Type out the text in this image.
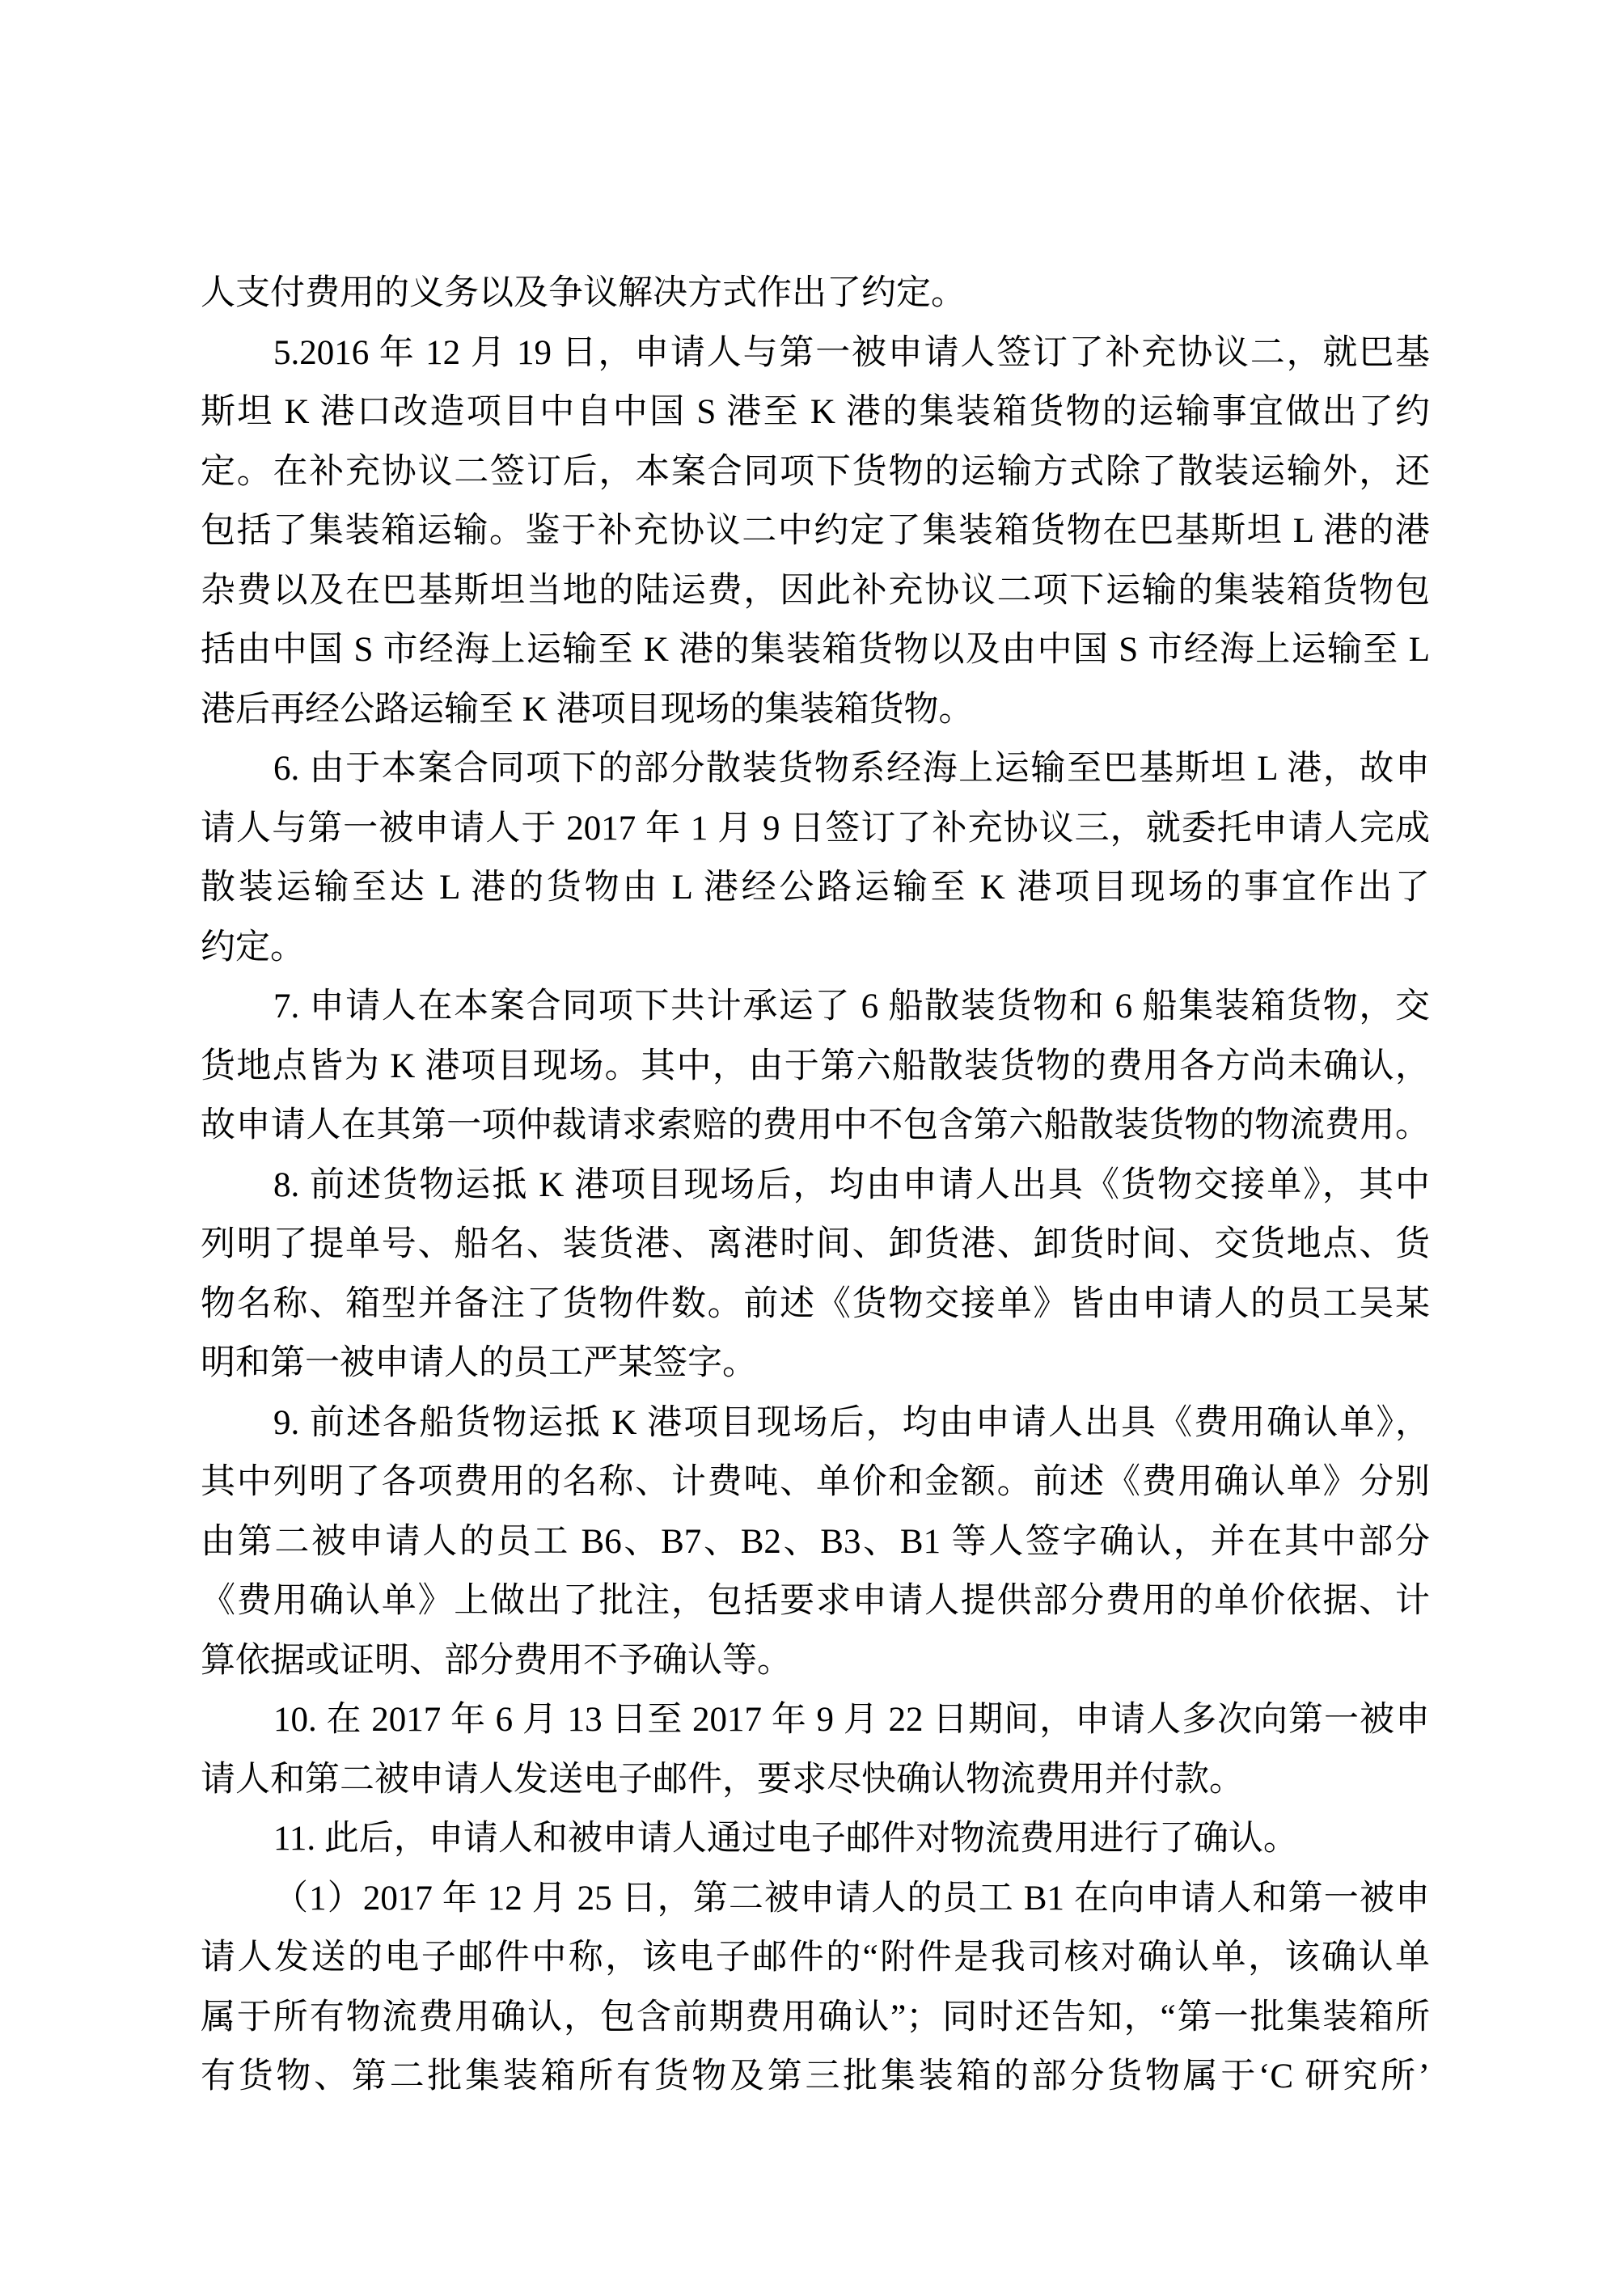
人支付费用的义务以及争议解决方式作出了约定。
5.2016 年 12 月 19 日，申请人与第一被申请人签订了补充协议二，就巴基
斯坦 K 港口改造项目中自中国 S 港至 K 港的集装箱货物的运输事宜做出了约
定。在补充协议二签订后，本案合同项下货物的运输方式除了散装运输外，还
包括了集装箱运输。鉴于补充协议二中约定了集装箱货物在巴基斯坦 L 港的港
杂费以及在巴基斯坦当地的陆运费，因此补充协议二项下运输的集装箱货物包
括由中国 S 市经海上运输至 K 港的集装箱货物以及由中国 S 市经海上运输至 L
港后再经公路运输至 K 港项目现场的集装箱货物。
6. 由于本案合同项下的部分散装货物系经海上运输至巴基斯坦 L 港，故申
请人与第一被申请人于 2017 年 1 月 9 日签订了补充协议三，就委托申请人完成
散装运输至达 L 港的货物由 L 港经公路运输至 K 港项目现场的事宜作出了
约定。
7. 申请人在本案合同项下共计承运了 6 船散装货物和 6 船集装箱货物，交
货地点皆为 K 港项目现场。其中，由于第六船散装货物的费用各方尚未确认，
故申请人在其第一项仲裁请求索赔的费用中不包含第六船散装货物的物流费用。
8. 前述货物运抵 K 港项目现场后，均由申请人出具《货物交接单》，其中
列明了提单号、船名、装货港、离港时间、卸货港、卸货时间、交货地点、货
物名称、箱型并备注了货物件数。前述《货物交接单》皆由申请人的员工吴某
明和第一被申请人的员工严某签字。
9. 前述各船货物运抵 K 港项目现场后，均由申请人出具《费用确认单》，
其中列明了各项费用的名称、计费吨、单价和金额。前述《费用确认单》分别
由第二被申请人的员工 B6、B7、B2、B3、B1 等人签字确认，并在其中部分
《费用确认单》上做出了批注，包括要求申请人提供部分费用的单价依据、计
算依据或证明、部分费用不予确认等。
10. 在 2017 年 6 月 13 日至 2017 年 9 月 22 日期间，申请人多次向第一被申
请人和第二被申请人发送电子邮件，要求尽快确认物流费用并付款。
11. 此后，申请人和被申请人通过电子邮件对物流费用进行了确认。
（1）2017 年 12 月 25 日，第二被申请人的员工 B1 在向申请人和第一被申
请人发送的电子邮件中称，该电子邮件的“附件是我司核对确认单，该确认单
属于所有物流费用确认，包含前期费用确认”；同时还告知，“第一批集装箱所
有货物、第二批集装箱所有货物及第三批集装箱的部分货物属于‘C 研究所’
